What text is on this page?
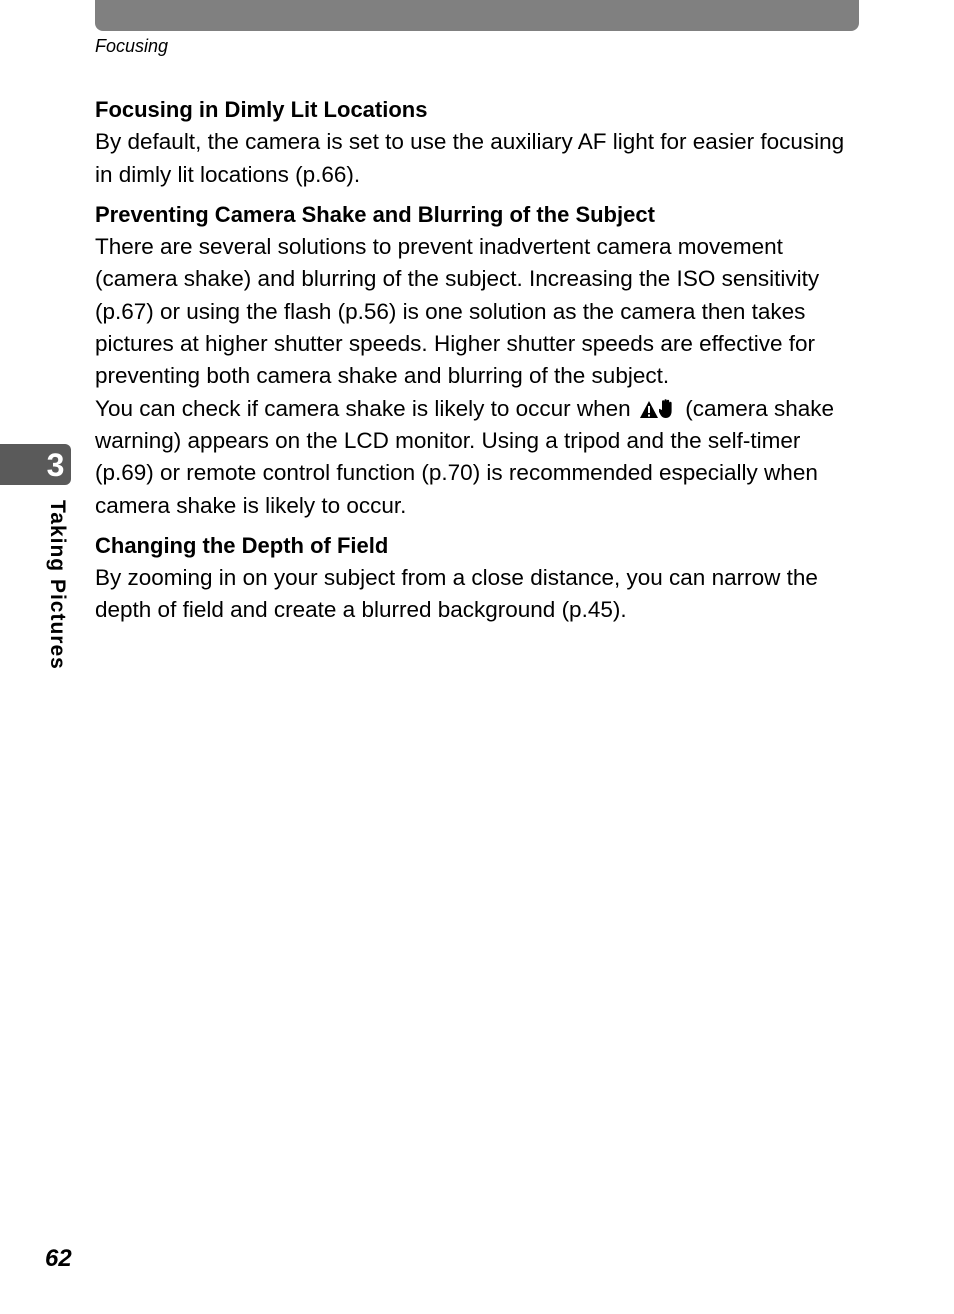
Focusing
3
Taking Pictures

Focusing in Dimly Lit Locations

By default, the camera is set to use the auxiliary AF light for easier focusing in dimly lit locations (p.66).

Preventing Camera Shake and Blurring of the Subject

There are several solutions to prevent inadvertent camera movement (camera shake) and blurring of the subject. Increasing the ISO sensitivity (p.67) or using the flash (p.56) is one solution as the camera then takes pictures at higher shutter speeds. Higher shutter speeds are effective for preventing both camera shake and blurring of the subject.

You can check if camera shake is likely to occur when (camera shake warning) appears on the LCD monitor. Using a tripod and the self-timer (p.69) or remote control function (p.70) is recommended especially when camera shake is likely to occur.

Changing the Depth of Field

By zooming in on your subject from a close distance, you can narrow the depth of field and create a blurred background (p.45).

62
